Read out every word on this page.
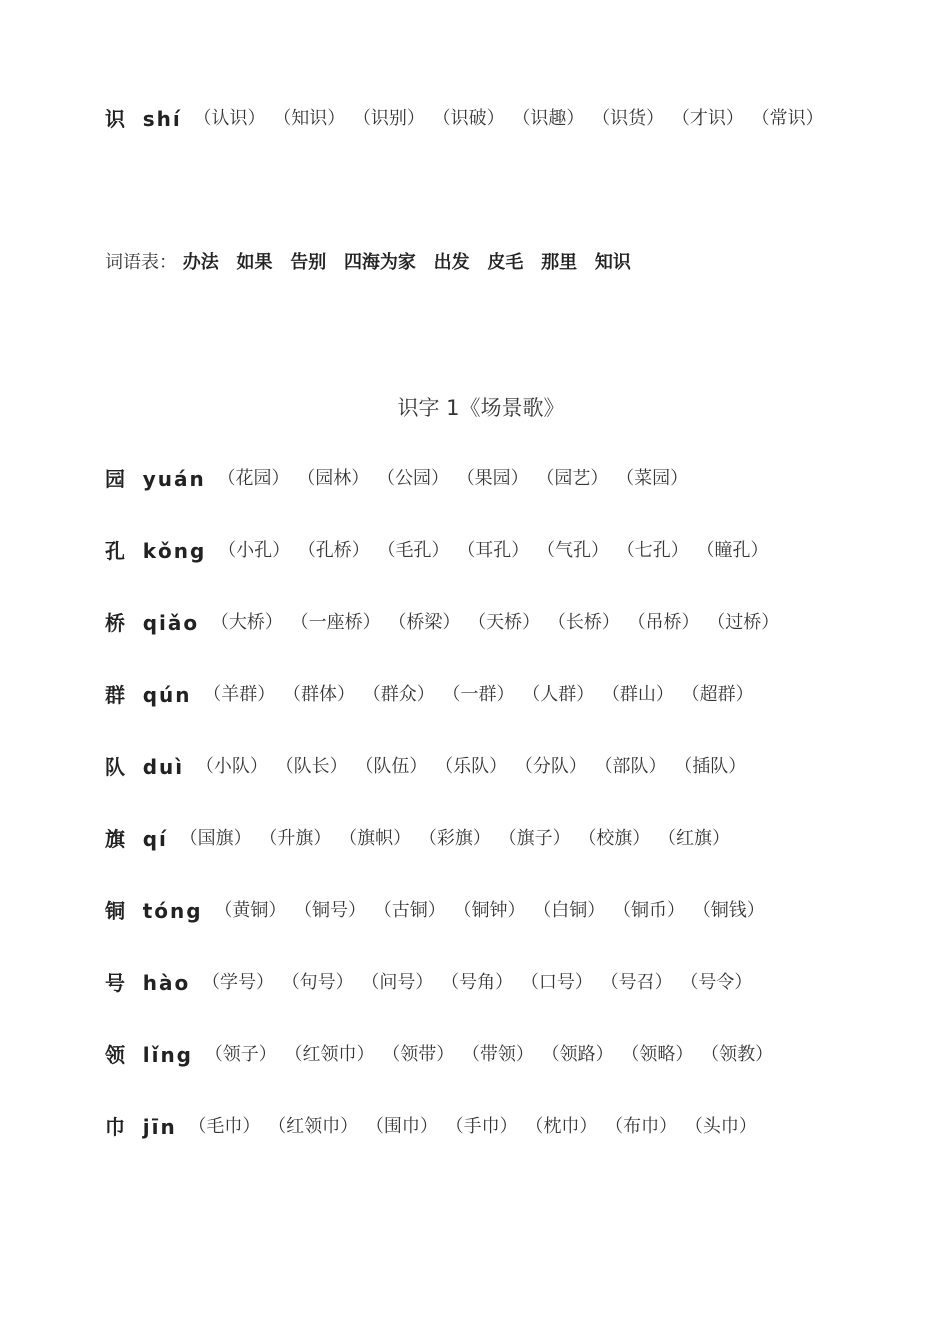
识 shí （认识） （知识） （识别） （识破） （识趣） （识货） （才识） （常识）
词语表： 办法 如果 告别 四海为家 出发 皮毛 那里 知识
识字 1《场景歌》
园 yuán （花园） （园林） （公园） （果园） （园艺） （菜园）
孔 kǒng （小孔） （孔桥） （毛孔） （耳孔） （气孔） （七孔） （瞳孔）
桥 qiǎo （大桥） （一座桥） （桥梁） （天桥） （长桥） （吊桥） （过桥）
群 qún （羊群） （群体） （群众） （一群） （人群） （群山） （超群）
队 duì （小队） （队长） （队伍） （乐队） （分队） （部队） （插队）
旗 qí （国旗） （升旗） （旗帜） （彩旗） （旗子） （校旗） （红旗）
铜 tóng （黄铜） （铜号） （古铜） （铜钟） （白铜） （铜币） （铜钱）
号 hào （学号） （句号） （问号） （号角） （口号） （号召） （号令）
领 lǐng （领子） （红领巾） （领带） （带领） （领路） （领略） （领教）
巾 jīn （毛巾） （红领巾） （围巾） （手巾） （枕巾） （布巾） （头巾）
